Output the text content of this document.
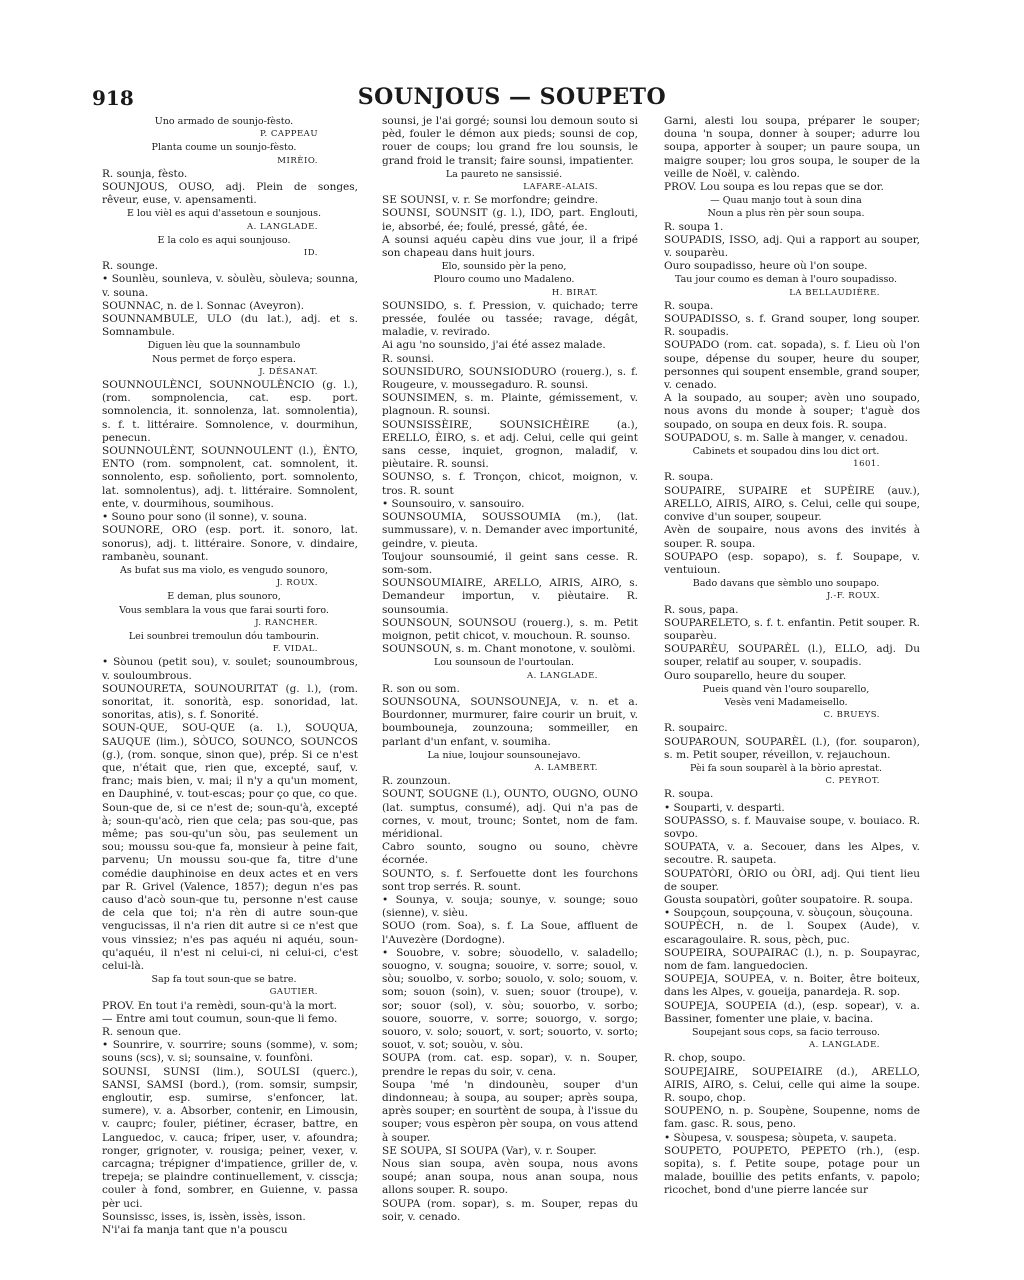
918	SOUNJOUS — SOUPETO
Uno armado de sounjo-fèsto.
P. CAPPEAU
Planta coume un sounjo-fèsto.
MIRÈIO.
R. sounja, fèsto.
SOUNJOUS, OUSO, adj. Plein de songes, rêveur, euse, v. apensamenti.
E lou vièl es aqui d'assetoun e sounjous.
A. LANGLADE.
E la colo es aqui sounjouso.
ID.
R. sounge.
• Sounlèu, sounleva, v. sòulèu, sòuleva; sounna, v. souna.
SOUNNAC, n. de l. Sonnac (Aveyron).
SOUNNAMBULE, ULO (du lat.), adj. et s. Somnambule.
Diguen lèu que la sounnambulo
Nous permet de forço espera.
J. DÉSANAT.
SOUNNOULÈNCI, SOUNNOULÈNCIO (g. l.), (rom. sompnolencia, cat. esp. port. somnolencia, it. sonnolenza, lat. somnolentia), s. f. t. littéraire. Somnolence, v. dourmihun, penecun.
SOUNNOULÈNT, SOUNNOULENT (l.), ÈNTO, ENTO (rom. sompnolent, cat. somnolent, it. sonnolento, esp. soñoliento, port. somnolento, lat. somnolentus), adj. t. littéraire. Somnolent, ente, v. dourmihous, soumihous.
• Souno pour sono (il sonne), v. souna.
SOUNORE, ORO (esp. port. it. sonoro, lat. sonorus), adj. t. littéraire. Sonore, v. dindaire, rambanèu, sounant.
As bufat sus ma violo, es vengudo sounoro,
J. ROUX.
E deman, plus sounoro,
Vous semblara la vous que farai sourti foro.
J. RANCHER.
Lei sounbrei tremoulun dóu tambourin.
F. VIDAL.
• Sòunou (petit sou), v. soulet; sounoumbrous, v. souloumbrous.
SOUNOURETA, SOUNOURITAT (g. l.), (rom. sonoritat, it. sonorità, esp. sonoridad, lat. sonoritas, atis), s. f. Sonorité.
SOUN-QUE, SOU-QUE (a. l.), SOUQUA, SAUQUE (lim.), SÒUCO, SOUNCO, SOUNCOS (g.), (rom. sonque, sinon que), prép. Si ce n'est que, n'était que, rien que, excepté, sauf, v. franc; mais bien, v. mai; il n'y a qu'un moment, en Dauphiné, v. tout-escas; pour ço que, co que.
Soun-que de, si ce n'est de; soun-qu'à, excepté à; soun-qu'acò, rien que cela; pas sou-que, pas même; pas sou-qu'un sòu, pas seulement un sou; moussu sou-que fa, monsieur à peine fait, parvenu; Un moussu sou-que fa, titre d'une comédie dauphinoise en deux actes et en vers par R. Grivel (Valence, 1857); degun n'es pas causo d'acò soun-que tu, personne n'est cause de cela que toi; n'a rèn di autre soun-que vengucissas, il n'a rien dit autre si ce n'est que vous vinssiez; n'es pas aquéu ni aquéu, soun-qu'aquéu, il n'est ni celui-ci, ni celui-ci, c'est celui-là.
Sap fa tout soun-que se batre.
GAUTIER.
PROV. En tout i'a remèdi, soun-qu'à la mort.
— Entre ami tout coumun, soun-que li femo.
R. senoun que.
• Sounrire, v. sourrire; souns (somme), v. som; souns (scs), v. si; sounsaine, v. founfòni.
SOUNSI, SUNSI (lim.), SOULSI (querc.), SANSI, SAMSI (bord.), (rom. somsir, sumpsir, engloutir, esp. sumirse, s'enfoncer, lat. sumere), v. a. Absorber, contenir, en Limousin, v. cauprc; fouler, piétiner, écraser, battre, en Languedoc, v. cauca; friper, user, v. afoundra; ronger, grignoter, v. rousiga; peiner, vexer, v. carcagna; trépigner d'impatience, griller de, v. trepeja; se plaindre continuellement, v. cisscja; couler à fond, sombrer, en Guienne, v. passa pèr uci.
Sounsissc, isses, is, issèn, issès, isson.
N'i'ai fa manja tant que n'a pouscu
sounsi, je l'ai gorgé; sounsi lou demoun souto si pèd, fouler le démon aux pieds; sounsi de cop, rouer de coups; lou grand fre lou sounsis, le grand froid le transit; faire sounsi, impatienter.
La paureto ne sansissié.
LAFARE-ALAIS.
SE SOUNSI, v. r. Se morfondre; geindre.
SOUNSI, SOUNSIT (g. l.), IDO, part. Englouti, ie, absorbé, ée; foulé, pressé, gâté, ée.
A sounsi aquéu capèu dins vue jour, il a fripé son chapeau dans huit jours.
Elo, sounsido pèr la peno,
Plouro coumo uno Madaleno.
H. BIRAT.
SOUNSIDO, s. f. Pression, v. quichado; terre pressée, foulée ou tassée; ravage, dégât, maladie, v. revirado.
Ai agu 'no sounsido, j'ai été assez malade.
R. sounsi.
SOUNSIDURO, SOUNSIODURO (rouerg.), s. f. Rougeure, v. moussegaduro. R. sounsi.
SOUNSIMEN, s. m. Plainte, gémissement, v. plagnoun. R. sounsi.
SOUNSISSÈIRE, SOUNSICHÈIRE (a.), ERELLO, ÈIRO, s. et adj. Celui, celle qui geint sans cesse, inquiet, grognon, maladif, v. pièutaire. R. sounsi.
SOUNSO, s. f. Tronçon, chicot, moignon, v. tros. R. sount
• Sounsouiro, v. sansouiro.
SOUNSOUMIA, SOUSSOUMIA (m.), (lat. summussare), v. n. Demander avec importunité, geindre, v. pieuta.
Toujour sounsoumié, il geint sans cesse. R. som-som.
SOUNSOUMIAIRE, ARELLO, AIRIS, AIRO, s. Demandeur importun, v. pièutaire. R. sounsoumia.
SOUNSOUN, SOUNSOU (rouerg.), s. m. Petit moignon, petit chicot, v. mouchoun. R. sounso.
SOUNSOUN, s. m. Chant monotone, v. soulòmi.
Lou sounsoun de l'ourtoulan.
A. LANGLADE.
R. son ou som.
SOUNSOUNA, SOUNSOUNEJA, v. n. et a. Bourdonner, murmurer, faire courir un bruit, v. boumbouneja, zounzouna; sommeiller, en parlant d'un enfant, v. soumiha.
La niue, loujour sounsounejavo.
A. LAMBERT.
R. zounzoun.
SOUNT, SOUGNE (l.), OUNTO, OUGNO, OUNO (lat. sumptus, consumé), adj. Qui n'a pas de cornes, v. mout, trounc; Sontet, nom de fam. méridional.
Cabro sounto, sougno ou souno, chèvre écornée.
SOUNTO, s. f. Serfouette dont les fourchons sont trop serrés. R. sount.
• Sounya, v. souja; sounye, v. sounge; souo (sienne), v. sièu.
SOUO (rom. Soa), s. f. La Soue, affluent de l'Auvezère (Dordogne).
• Souobre, v. sobre; sòuodello, v. saladello; souogno, v. sougna; souoire, v. sorre; souol, v. sòu; souolbo, v. sorbo; souolo, v. solo; souom, v. som; souon (soin), v. suen; souor (troupe), v. sor; souor (sol), v. sòu; souorbo, v. sorbo; souore, souorre, v. sorre; souorgo, v. sorgo; souoro, v. solo; souort, v. sort; souorto, v. sorto; souot, v. sot; souòu, v. sòu.
SOUPA (rom. cat. esp. sopar), v. n. Souper, prendre le repas du soir, v. cena.
Soupa 'mé 'n dindounèu, souper d'un dindonneau; à soupa, au souper; après soupa, après souper; en sourtènt de soupa, à l'issue du souper; vous espèron pèr soupa, on vous attend à souper.
SE SOUPA, SI SOUPA (Var), v. r. Souper.
Nous sian soupa, avèn soupa, nous avons soupé; anan soupa, nous anan soupa, nous allons souper. R. soupo.
SOUPA (rom. sopar), s. m. Souper, repas du soir, v. cenado.
Garni, alesti lou soupa, préparer le souper; douna 'n soupa, donner à souper; adurre lou soupa, apporter à souper; un paure soupa, un maigre souper; lou gros soupa, le souper de la veille de Noël, v. calèndo.
PROV. Lou soupa es lou repas que se dor.
— Quau manjo tout à soun dina
Noun a plus rèn pèr soun soupa.
R. soupa 1.
SOUPADIS, ISSO, adj. Qui a rapport au souper, v. souparèu.
Ouro soupadisso, heure où l'on soupe.
Tau jour coumo es deman à l'ouro soupadisso.
LA BELLAUDIÈRE.
R. soupa.
SOUPADISSO, s. f. Grand souper, long souper. R. soupadis.
SOUPADO (rom. cat. sopada), s. f. Lieu où l'on soupe, dépense du souper, heure du souper, personnes qui soupent ensemble, grand souper, v. cenado.
A la soupado, au souper; avèn uno soupado, nous avons du monde à souper; t'aguè dos soupado, on soupa en deux fois. R. soupa.
SOUPADOU, s. m. Salle à manger, v. cenadou.
Cabinets et soupadou dins lou dict ort.
1601.
R. soupa.
SOUPAIRE, SUPAIRE et SUPÈIRE (auv.), ARELLO, AIRIS, AIRO, s. Celui, celle qui soupe, convive d'un souper, soupeur.
Avèn de soupaire, nous avons des invités à souper. R. soupa.
SOUPAPO (esp. sopapo), s. f. Soupape, v. ventuioun.
Bado davans que sèmblo uno soupapo.
J.-F. ROUX.
R. sous, papa.
SOUPARELETO, s. f. t. enfantin. Petit souper. R. souparèu.
SOUPARÈU, SOUPARÈL (l.), ELLO, adj. Du souper, relatif au souper, v. soupadis.
Ouro souparello, heure du souper.
Pueis quand vèn l'ouro souparello,
Vesès veni Madameisello.
C. BRUEYS.
R. soupairc.
SOUPAROUN, SOUPARÈL (l.), (for. souparon), s. m. Petit souper, réveillon, v. rejauchoun.
Pèi fa soun souparèl à la bòrio aprestat.
C. PEYROT.
R. soupa.
• Souparti, v. desparti.
SOUPASSO, s. f. Mauvaise soupe, v. bouiaco. R. sovpo.
SOUPATA, v. a. Secouer, dans les Alpes, v. secoutre. R. saupeta.
SOUPATÒRI, ÒRIO ou ÒRI, adj. Qui tient lieu de souper.
Gousta soupatòri, goûter soupatoire. R. soupa.
• Soupçoun, soupçouna, v. sòuçoun, sòuçouna.
SOUPÈCH, n. de l. Soupex (Aude), v. escaragoulaire. R. sous, pèch, puc.
SOUPEIRA, SOUPAIRAC (l.), n. p. Soupayrac, nom de fam. languedocien.
SOUPEJA, SOUPEA, v. n. Boiter, être boiteux, dans les Alpes, v. goueija, panardeja. R. sop.
SOUPEJA, SOUPEIA (d.), (esp. sopear), v. a. Bassiner, fomenter une plaie, v. bacina.
Soupejant sous cops, sa facio terrouso.
A. LANGLADE.
R. chop, soupo.
SOUPEJAIRE, SOUPEIAIRE (d.), ARELLO, AIRIS, AIRO, s. Celui, celle qui aime la soupe. R. soupo, chop.
SOUPENO, n. p. Soupène, Soupenne, noms de fam. gasc. R. sous, peno.
• Sòupesa, v. souspesa; sòupeta, v. saupeta.
SOUPETO, POUPETO, PEPETO (rh.), (esp. sopita), s. f. Petite soupe, potage pour un malade, bouillie des petits enfants, v. papolo; ricochet, bond d'une pierre lancée sur
